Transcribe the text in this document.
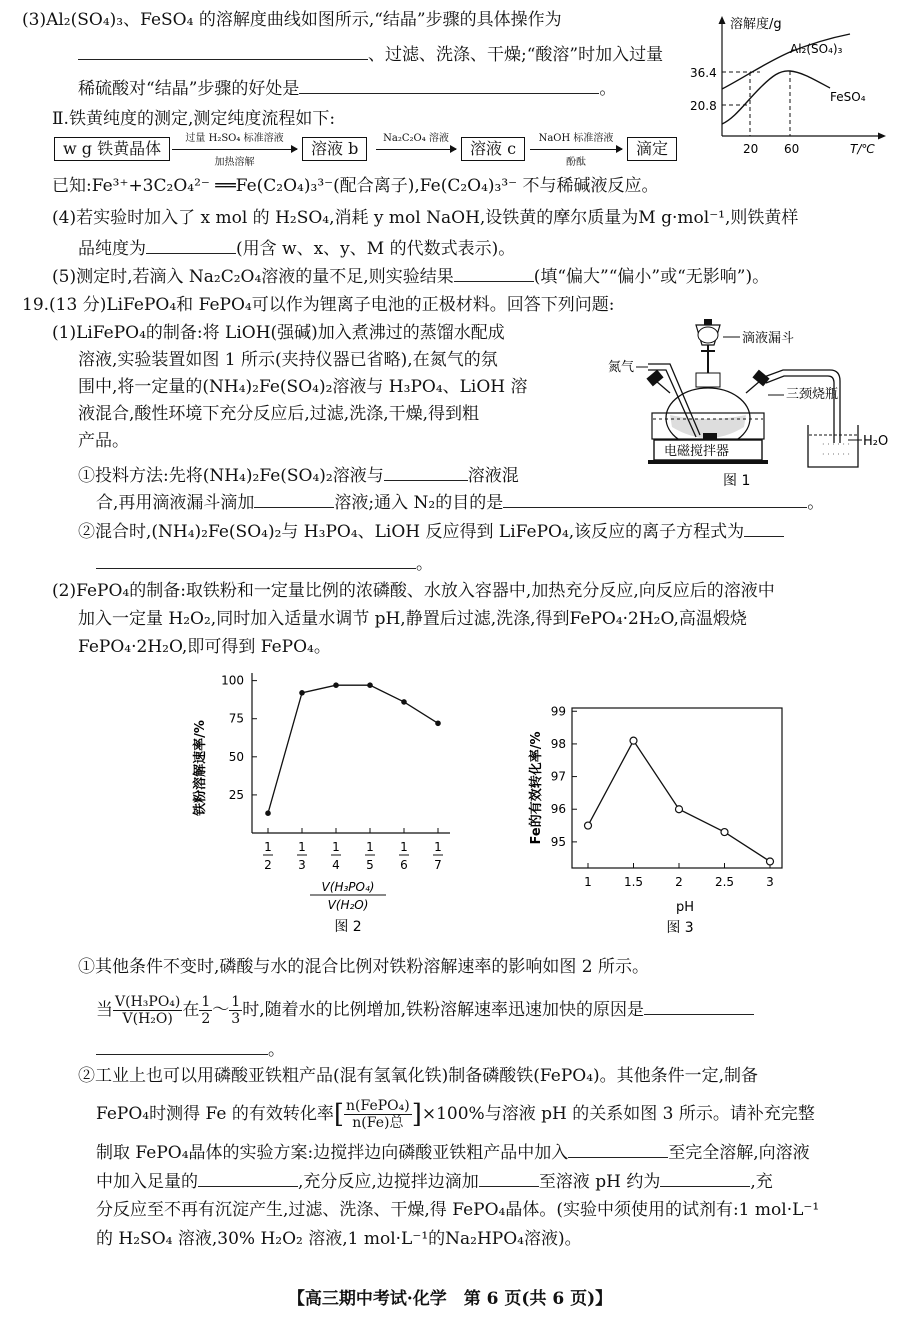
(3)Al₂(SO₄)₃、FeSO₄ 的溶解度曲线如图所示,“结晶”步骤的具体操作为
、过滤、洗涤、干燥;“酸溶”时加入过量
稀硫酸对“结晶”步骤的好处是	。
溶解度/g
T/℃
36.4
20.8
20 60
Al₂(SO₄)₃
FeSO₄
Ⅱ.铁黄纯度的测定,测定纯度流程如下:
w g 铁黄晶体
过量 H₂SO₄ 标准溶液
加热溶解
溶液 b
Na₂C₂O₄ 溶液
溶液 c
NaOH 标准溶液
酚酞
滴定
已知:Fe³⁺+3C₂O₄²⁻ ══Fe(C₂O₄)₃³⁻(配合离子),Fe(C₂O₄)₃³⁻ 不与稀碱液反应。
(4)若实验时加入了 x mol 的 H₂SO₄,消耗 y mol NaOH,设铁黄的摩尔质量为M g·mol⁻¹,则铁黄样
品纯度为	(用含 w、x、y、M 的代数式表示)。
(5)测定时,若滴入 Na₂C₂O₄溶液的量不足,则实验结果	(填“偏大”“偏小”或“无影响”)。
19.(13 分)LiFePO₄和 FePO₄可以作为锂离子电池的正极材料。回答下列问题:
(1)LiFePO₄的制备:将 LiOH(强碱)加入煮沸过的蒸馏水配成
溶液,实验装置如图 1 所示(夹持仪器已省略),在氮气的氛
围中,将一定量的(NH₄)₂Fe(SO₄)₂溶液与 H₃PO₄、LiOH 溶
液混合,酸性环境下充分反应后,过滤,洗涤,干燥,得到粗
产品。
滴液漏斗
氮气
三颈烧瓶
电磁搅拌器	· · · · · ·
· · · · · ·
H₂O
图 1
①投料方法:先将(NH₄)₂Fe(SO₄)₂溶液与	溶液混
合,再用滴液漏斗滴加	溶液;通入 N₂的目的是	。
②混合时,(NH₄)₂Fe(SO₄)₂与 H₃PO₄、LiOH 反应得到 LiFePO₄,该反应的离子方程式为
。
(2)FePO₄的制备:取铁粉和一定量比例的浓磷酸、水放入容器中,加热充分反应,向反应后的溶液中
加入一定量 H₂O₂,同时加入适量水调节 pH,静置后过滤,洗涤,得到FePO₄·2H₂O,高温煅烧
FePO₄·2H₂O,即可得到 FePO₄。
铁粉溶解速率/% 25
50
75
100
1
2
1
3
1
4
1
5
1
6
1
7
V(H₃PO₄)
V(H₂O)
图 2
Fe的有效转化率/% 95
96
97
98
99
1	1.5	2	2.5	3
pH
图 3
①其他条件不变时,磷酸与水的混合比例对铁粉溶解速率的影响如图 2 所示。
当 $\frac{\text{V(H₃PO₄)}}{\text{V(H₂O)}}$ 在 $\frac{1}{2}$ ～ $\frac{1}{3}$ 时,随着水的比例增加,铁粉溶解速率迅速加快的原因是
。
②工业上也可以用磷酸亚铁粗产品(混有氢氧化铁)制备磷酸铁(FePO₄)。其他条件一定,制备
FePO₄时测得 Fe 的有效转化率[ $\frac{\text{n(FePO₄)}}{\text{n(Fe)总}} ]\times 100\%$与溶液 pH 的关系如图 3 所示。请补充完整
制取 FePO₄晶体的实验方案:边搅拌边向磷酸亚铁粗产品中加入	至完全溶解,向溶液
中加入足量的	,充分反应,边搅拌边滴加	至溶液 pH 约为	,充
分反应至不再有沉淀产生,过滤、洗涤、干燥,得 FePO₄晶体。(实验中须使用的试剂有:1 mol·L⁻¹
的 H₂SO₄ 溶液,30% H₂O₂ 溶液,1 mol·L⁻¹的Na₂HPO₄溶液)。
【高三期中考试·化学　第 6 页(共 6 页)】
